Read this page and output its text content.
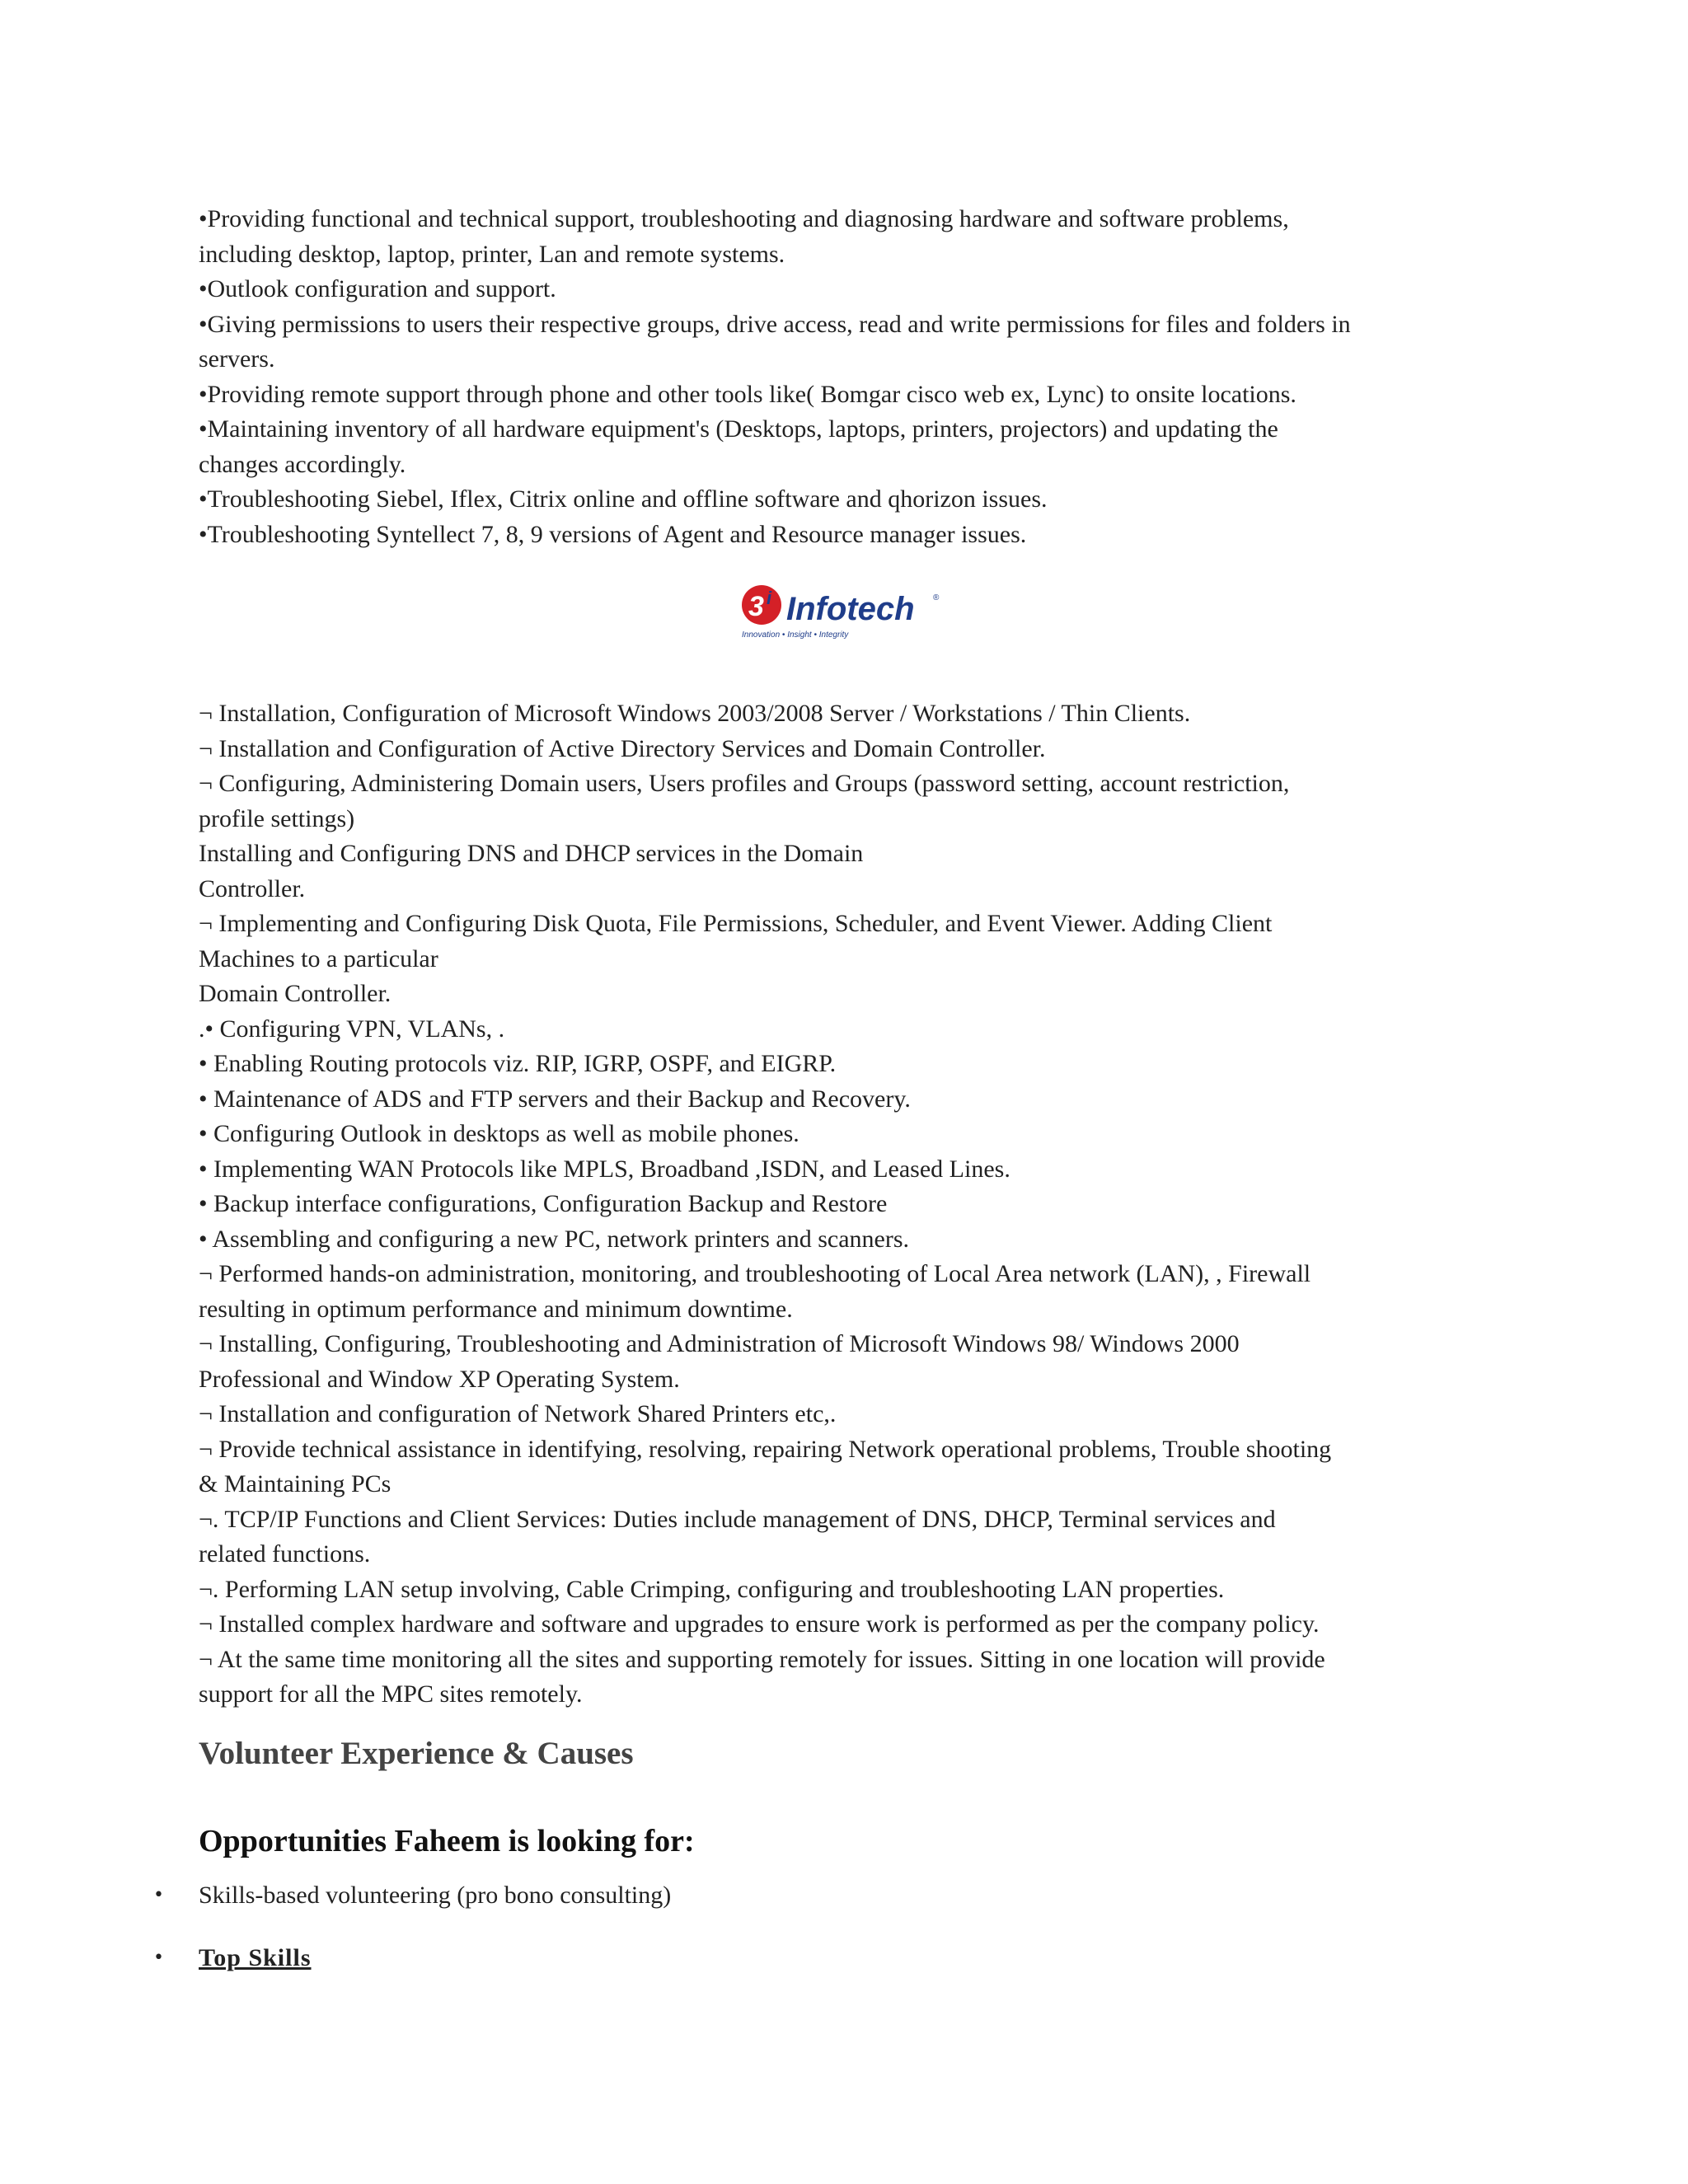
•Providing functional and technical support, troubleshooting and diagnosing hardware and software problems,

including desktop, laptop, printer, Lan and remote systems.

•Outlook configuration and support.

•Giving permissions to users their respective groups, drive access, read and write permissions for files and folders in

servers.

•Providing remote support through phone and other tools like( Bomgar cisco web ex, Lync) to onsite locations.

•Maintaining inventory of all hardware equipment's (Desktops, laptops, printers, projectors) and updating the

changes accordingly.

•Troubleshooting Siebel, Iflex, Citrix online and offline software and qhorizon issues.

•Troubleshooting Syntellect 7, 8, 9 versions of Agent and Resource manager issues.

3 i Infotech ®
Innovation • Insight • Integrity

¬ Installation, Configuration of Microsoft Windows 2003/2008 Server / Workstations / Thin Clients.

¬ Installation and Configuration of Active Directory Services and Domain Controller.

¬ Configuring, Administering Domain users, Users profiles and Groups (password setting, account restriction,

profile settings)

Installing and Configuring DNS and DHCP services in the Domain

Controller.

¬ Implementing and Configuring Disk Quota, File Permissions, Scheduler, and Event Viewer. Adding Client

Machines to a particular

Domain Controller.

.• Configuring VPN, VLANs, .

• Enabling Routing protocols viz. RIP, IGRP, OSPF, and EIGRP.

• Maintenance of ADS and FTP servers and their Backup and Recovery.

• Configuring Outlook in desktops as well as mobile phones.

• Implementing WAN Protocols like MPLS, Broadband ,ISDN, and Leased Lines.

• Backup interface configurations, Configuration Backup and Restore

• Assembling and configuring a new PC, network printers and scanners.

¬ Performed hands-on administration, monitoring, and troubleshooting of Local Area network (LAN), , Firewall

resulting in optimum performance and minimum downtime.

¬ Installing, Configuring, Troubleshooting and Administration of Microsoft Windows 98/ Windows 2000

Professional and Window XP Operating System.

¬ Installation and configuration of Network Shared Printers etc,.

¬ Provide technical assistance in identifying, resolving, repairing Network operational problems, Trouble shooting

& Maintaining PCs

¬. TCP/IP Functions and Client Services: Duties include management of DNS, DHCP, Terminal services and

related functions.

¬. Performing LAN setup involving, Cable Crimping, configuring and troubleshooting LAN properties.

¬ Installed complex hardware and software and upgrades to ensure work is performed as per the company policy.

¬ At the same time monitoring all the sites and supporting remotely for issues. Sitting in one location will provide

support for all the MPC sites remotely.

Volunteer Experience & Causes
Opportunities Faheem is looking for:
• Skills-based volunteering (pro bono consulting)
• Top Skills
